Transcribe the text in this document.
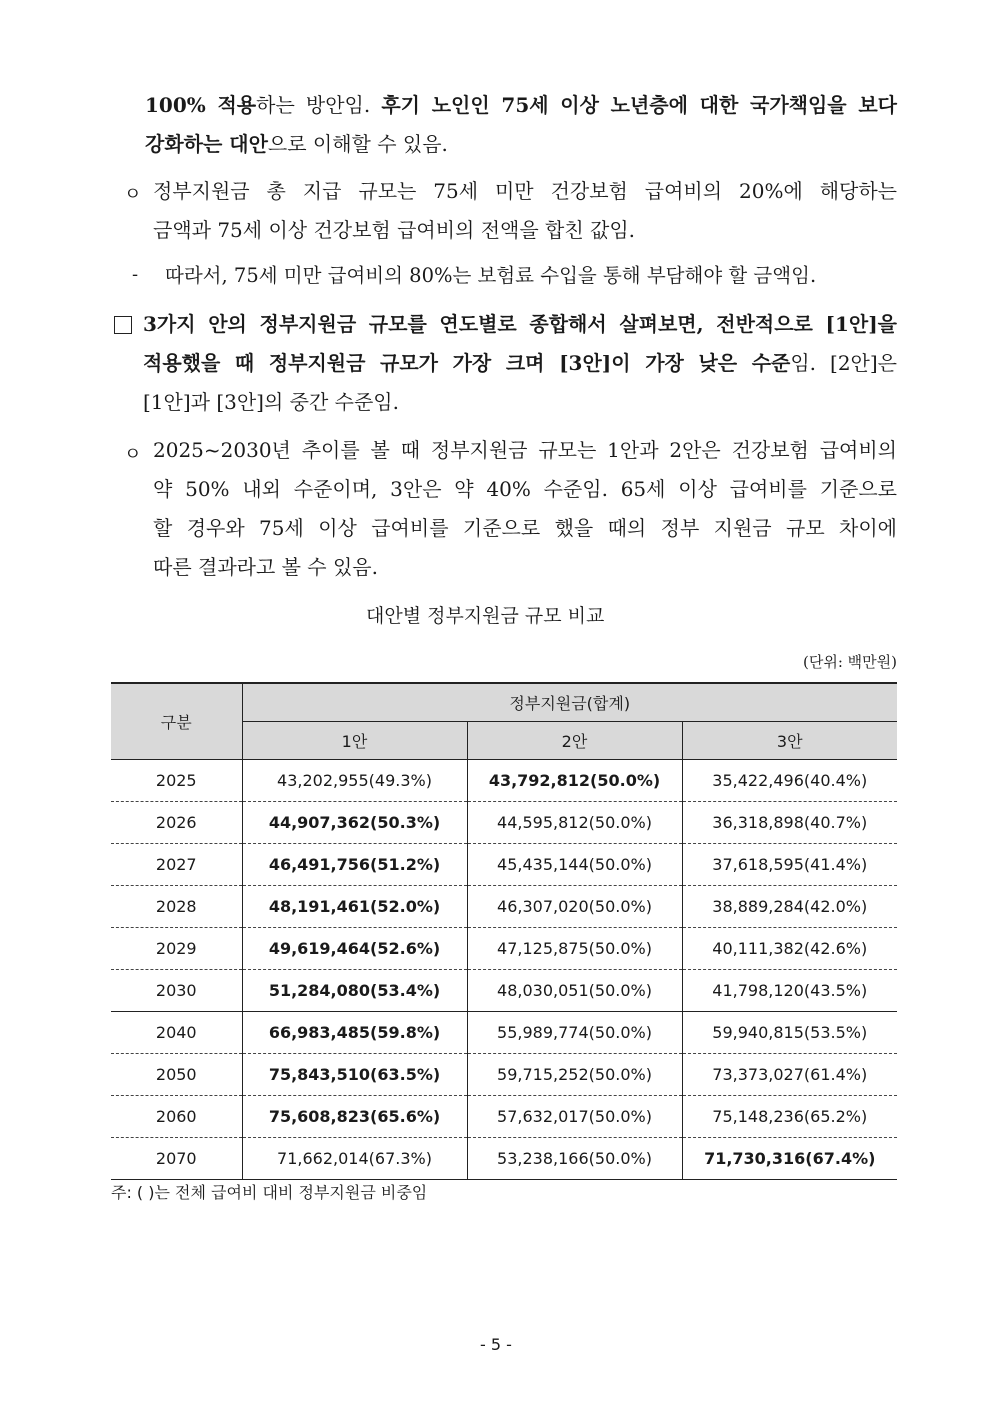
100% 적용하는 방안임. 후기 노인인 75세 이상 노년층에 대한 국가책임을 보다
강화하는 대안으로 이해할 수 있음.
ㅇ 정부지원금 총 지급 규모는 75세 미만 건강보험 급여비의 20%에 해당하는
금액과 75세 이상 건강보험 급여비의 전액을 합친 값임.
- 따라서, 75세 미만 급여비의 80%는 보험료 수입을 통해 부담해야 할 금액임.
3가지 안의 정부지원금 규모를 연도별로 종합해서 살펴보면, 전반적으로 [1안]을
적용했을 때 정부지원금 규모가 가장 크며 [3안]이 가장 낮은 수준임. [2안]은
[1안]과 [3안]의 중간 수준임.
ㅇ 2025~2030년 추이를 볼 때 정부지원금 규모는 1안과 2안은 건강보험 급여비의
약 50% 내외 수준이며, 3안은 약 40% 수준임. 65세 이상 급여비를 기준으로
할 경우와 75세 이상 급여비를 기준으로 했을 때의 정부 지원금 규모 차이에
따른 결과라고 볼 수 있음.
대안별 정부지원금 규모 비교
(단위: 백만원)
구분	정부지원금(합계)		
	1안	2안	3안
2025	43,202,955(49.3%)	43,792,812(50.0%)	35,422,496(40.4%)
2026	44,907,362(50.3%)	44,595,812(50.0%)	36,318,898(40.7%)
2027	46,491,756(51.2%)	45,435,144(50.0%)	37,618,595(41.4%)
2028	48,191,461(52.0%)	46,307,020(50.0%)	38,889,284(42.0%)
2029	49,619,464(52.6%)	47,125,875(50.0%)	40,111,382(42.6%)
2030	51,284,080(53.4%)	48,030,051(50.0%)	41,798,120(43.5%)
2040	66,983,485(59.8%)	55,989,774(50.0%)	59,940,815(53.5%)
2050	75,843,510(63.5%)	59,715,252(50.0%)	73,373,027(61.4%)
2060	75,608,823(65.6%)	57,632,017(50.0%)	75,148,236(65.2%)
2070	71,662,014(67.3%)	53,238,166(50.0%)	71,730,316(67.4%)
주: ( )는 전체 급여비 대비 정부지원금 비중임
- 5 -
